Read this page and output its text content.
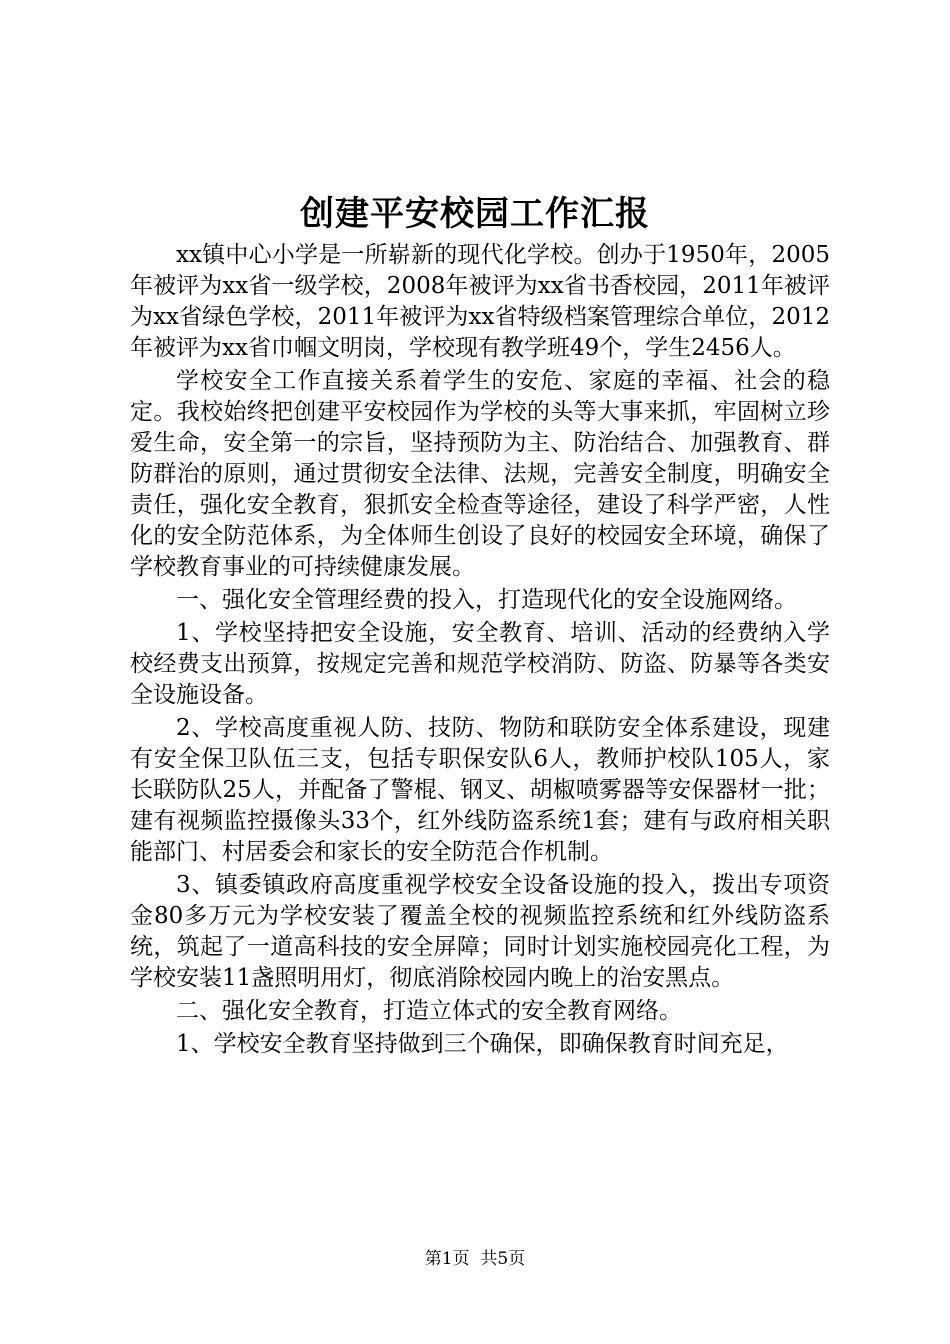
创建平安校园工作汇报

xx镇中心小学是一所崭新的现代化学校。创办于1950年，2005年被评为xx省一级学校，2008年被评为xx省书香校园，2011年被评为xx省绿色学校，2011年被评为xx省特级档案管理综合单位，2012年被评为xx省巾帼文明岗，学校现有教学班49个，学生2456人。

学校安全工作直接关系着学生的安危、家庭的幸福、社会的稳定。我校始终把创建平安校园作为学校的头等大事来抓，牢固树立珍爱生命，安全第一的宗旨，坚持预防为主、防治结合、加强教育、群防群治的原则，通过贯彻安全法律、法规，完善安全制度，明确安全责任，强化安全教育，狠抓安全检查等途径，建设了科学严密，人性化的安全防范体系，为全体师生创设了良好的校园安全环境，确保了学校教育事业的可持续健康发展。

一、强化安全管理经费的投入，打造现代化的安全设施网络。

1、学校坚持把安全设施，安全教育、培训、活动的经费纳入学校经费支出预算，按规定完善和规范学校消防、防盗、防暴等各类安全设施设备。

2、学校高度重视人防、技防、物防和联防安全体系建设，现建有安全保卫队伍三支，包括专职保安队6人，教师护校队105人，家长联防队25人，并配备了警棍、钢叉、胡椒喷雾器等安保器材一批；建有视频监控摄像头33个，红外线防盗系统1套；建有与政府相关职能部门、村居委会和家长的安全防范合作机制。

3、镇委镇政府高度重视学校安全设备设施的投入，拨出专项资金80多万元为学校安装了覆盖全校的视频监控系统和红外线防盗系统，筑起了一道高科技的安全屏障；同时计划实施校园亮化工程，为学校安装11盏照明用灯，彻底消除校园内晚上的治安黑点。

二、强化安全教育，打造立体式的安全教育网络。

1、学校安全教育坚持做到三个确保，即确保教育时间充足，

第1页 共5页
